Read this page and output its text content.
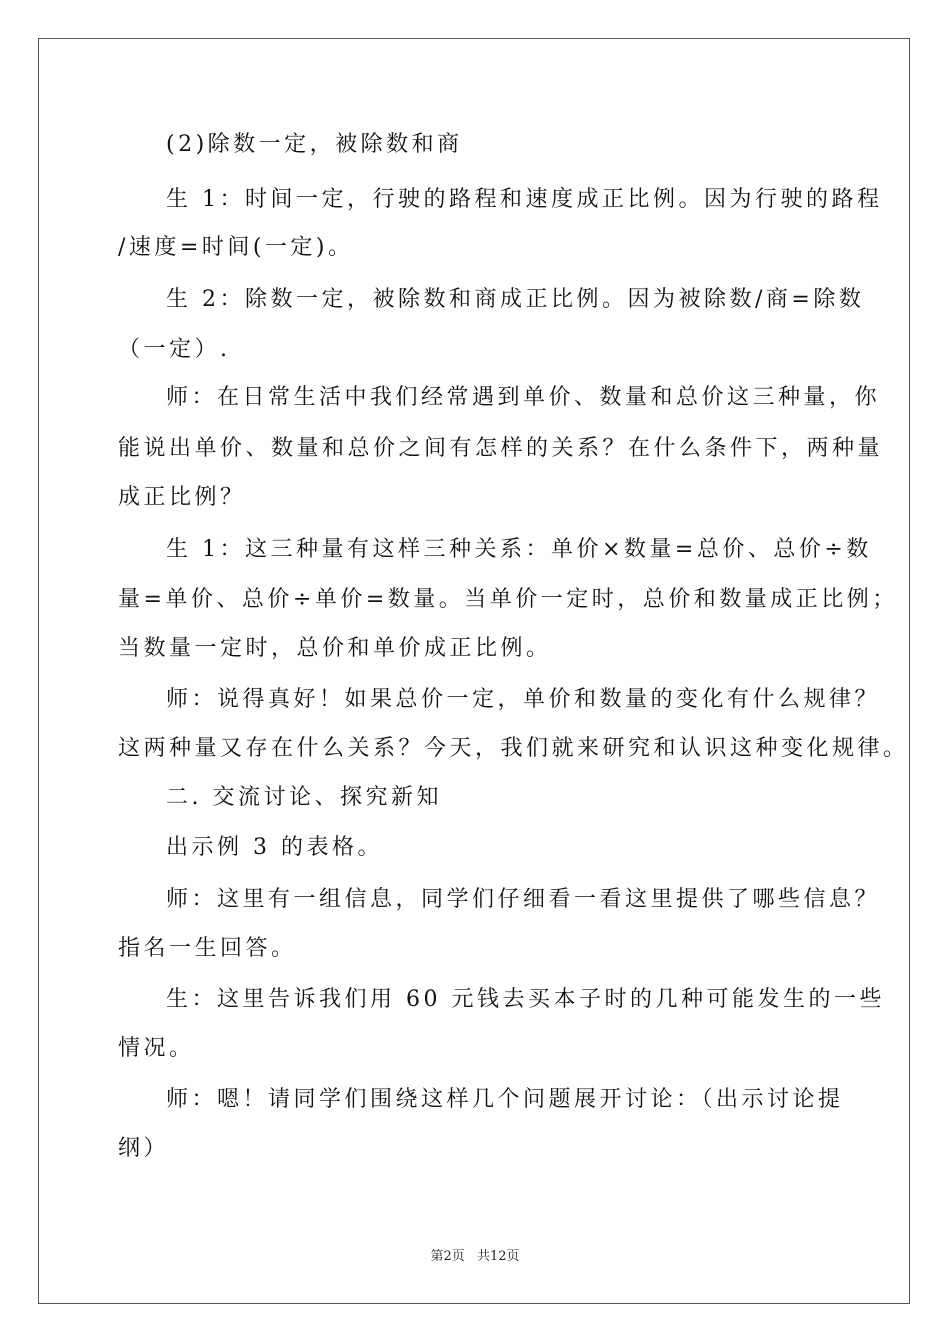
(2)除数一定，被除数和商
生 1：时间一定，行驶的路程和速度成正比例。因为行驶的路程
/速度=时间(一定)。
生 2：除数一定，被除数和商成正比例。因为被除数/商=除数
（一定）.
师：在日常生活中我们经常遇到单价、数量和总价这三种量，你
能说出单价、数量和总价之间有怎样的关系？在什么条件下，两种量
成正比例？
生 1：这三种量有这样三种关系：单价×数量=总价、总价÷数
量=单价、总价÷单价=数量。当单价一定时，总价和数量成正比例；
当数量一定时，总价和单价成正比例。
师：说得真好！如果总价一定，单价和数量的变化有什么规律？
这两种量又存在什么关系？今天，我们就来研究和认识这种变化规律。
二. 交流讨论、探究新知
出示例 3 的表格。
师：这里有一组信息，同学们仔细看一看这里提供了哪些信息？
指名一生回答。
生：这里告诉我们用 60 元钱去买本子时的几种可能发生的一些
情况。
师：嗯！请同学们围绕这样几个问题展开讨论：（出示讨论提
纲）
第2页 共12页
